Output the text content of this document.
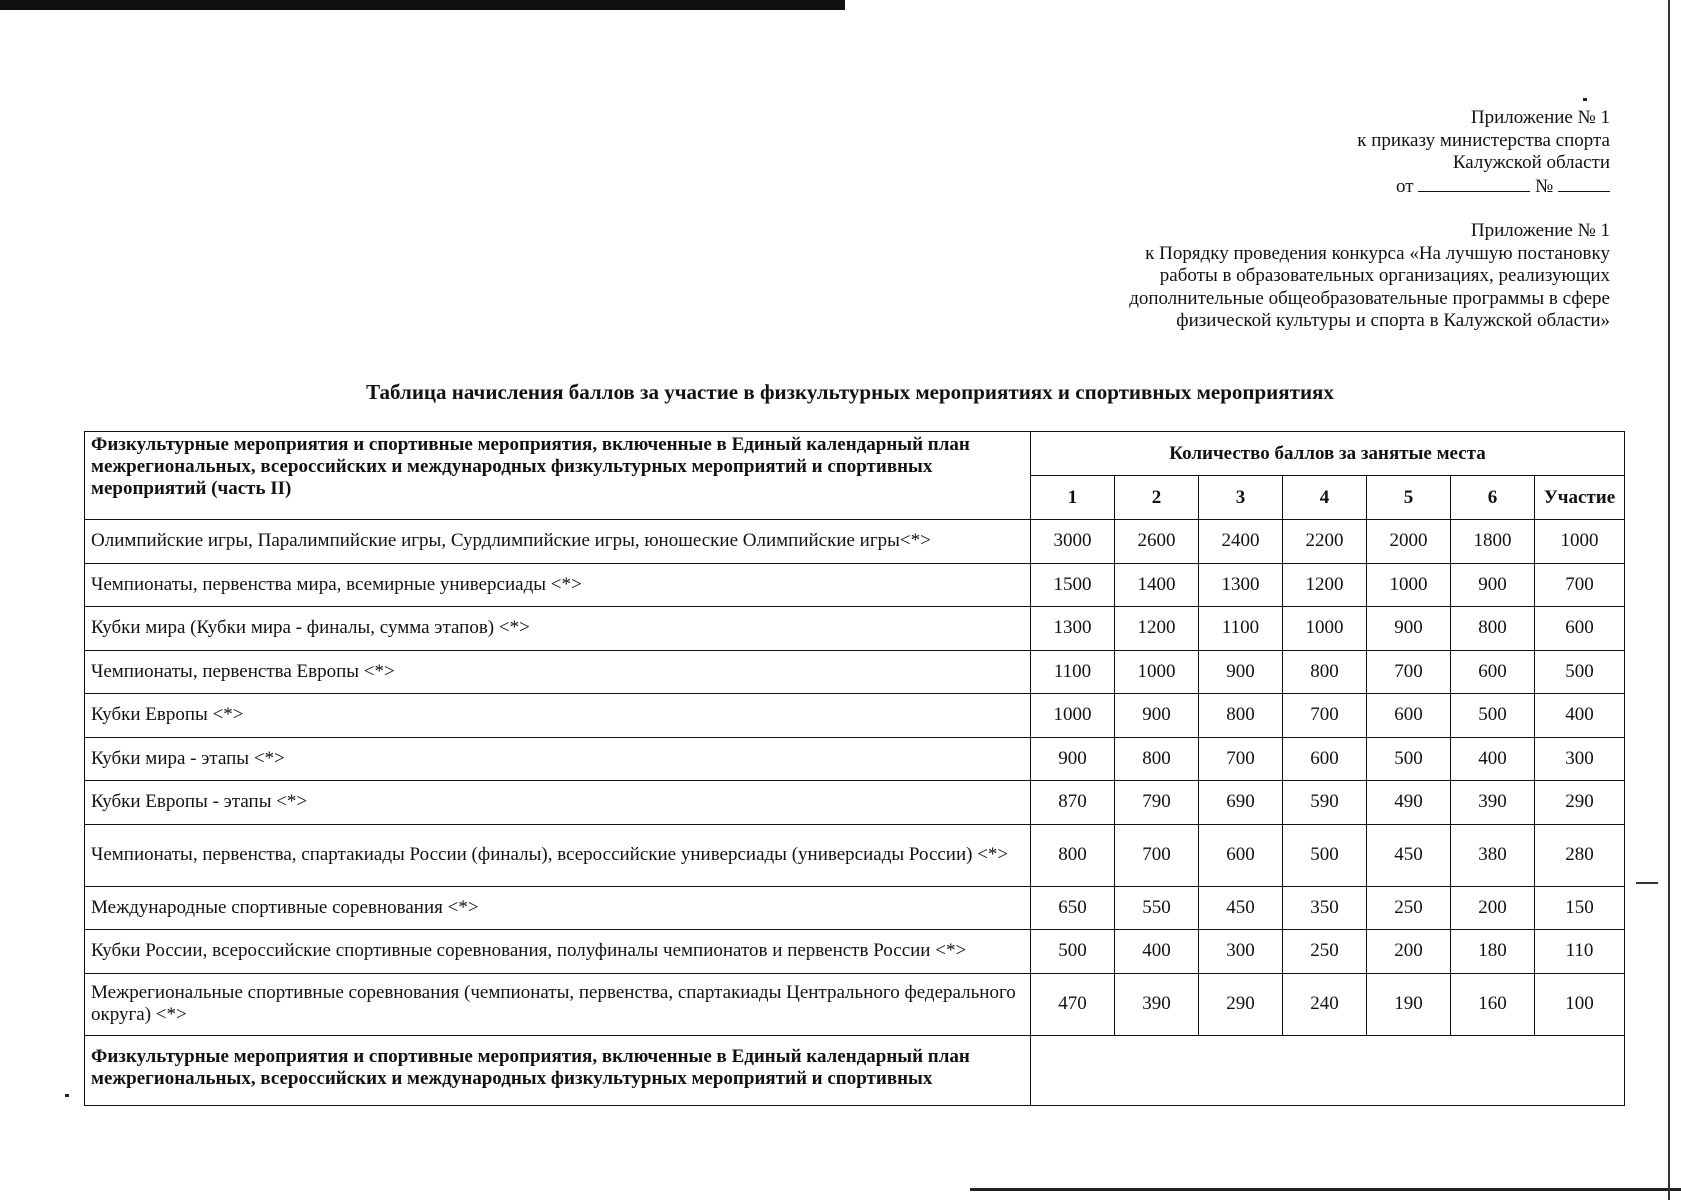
Приложение № 1
к приказу министерства спорта
Калужской области
от	№
Приложение № 1
к Порядку проведения конкурса «На лучшую постановку
работы в образовательных организациях, реализующих
дополнительные общеобразовательные программы в сфере
физической культуры и спорта в Калужской области»
Таблица начисления баллов за участие в физкультурных мероприятиях и спортивных мероприятиях
Физкультурные мероприятия и спортивные мероприятия, включенные в Единый календарный план межрегиональных, всероссийских и международных физкультурных мероприятий и спортивных мероприятий (часть II)	Количество баллов за занятые места						
	1	2	3	4	5	6	Участие
Олимпийские игры, Паралимпийские игры, Сурдлимпийские игры, юношеские Олимпийские игры<*>	3000	2600	2400	2200	2000	1800	1000
Чемпионаты, первенства мира, всемирные универсиады <*>	1500	1400	1300	1200	1000	900	700
Кубки мира (Кубки мира - финалы, сумма этапов) <*>	1300	1200	1100	1000	900	800	600
Чемпионаты, первенства Европы <*>	1100	1000	900	800	700	600	500
Кубки Европы <*>	1000	900	800	700	600	500	400
Кубки мира - этапы <*>	900	800	700	600	500	400	300
Кубки Европы - этапы <*>	870	790	690	590	490	390	290
Чемпионаты, первенства, спартакиады России (финалы), всероссийские универсиады (универсиады России) <*>	800	700	600	500	450	380	280
Международные спортивные соревнования <*>	650	550	450	350	250	200	150
Кубки России, всероссийские спортивные соревнования, полуфиналы чемпионатов и первенств России <*>	500	400	300	250	200	180	110
Межрегиональные спортивные соревнования (чемпионаты, первенства, спартакиады Центрального федерального округа) <*>	470	390	290	240	190	160	100
Физкультурные мероприятия и спортивные мероприятия, включенные в Единый календарный план межрегиональных, всероссийских и международных физкультурных мероприятий и спортивных							
